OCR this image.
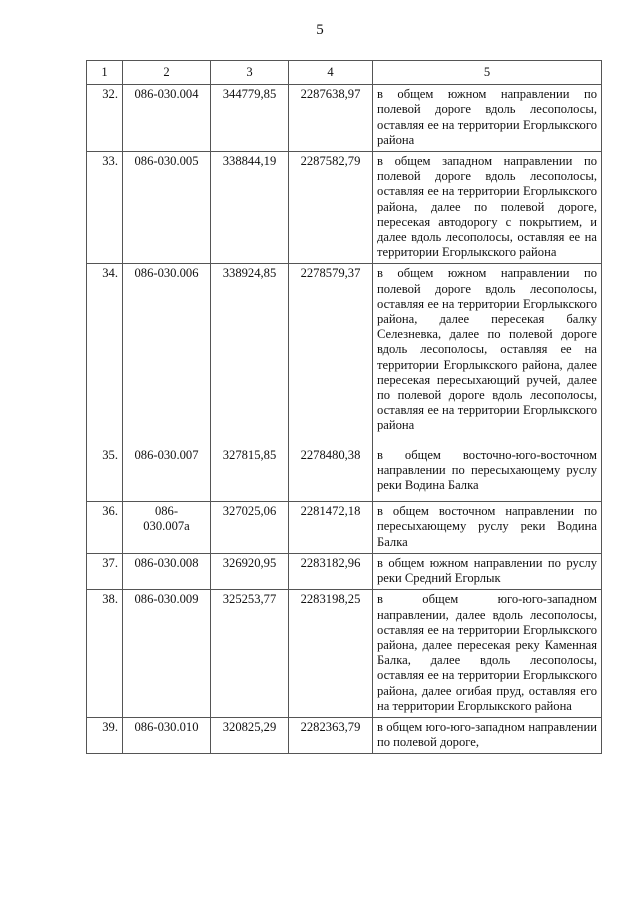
5
1	2	3	4	5
32.	086-030.004	344779,85	2287638,97	в общем южном направлении по полевой дороге вдоль лесополосы, оставляя ее на территории Егорлыкского района
33.	086-030.005	338844,19	2287582,79	в общем западном направлении по полевой дороге вдоль лесополосы, оставляя ее на территории Егорлыкского района, далее по полевой дороге, пересекая автодорогу с покрытием, и далее вдоль лесополосы, оставляя ее на территории Егорлыкского района
34.	086-030.006	338924,85	2278579,37	в общем южном направлении по полевой дороге вдоль лесополосы, оставляя ее на территории Егорлыкского района, далее пересекая балку Селезневка, далее по полевой дороге вдоль лесополосы, оставляя ее на территории Егорлыкского района, далее пересекая пересыхающий ручей, далее по полевой дороге вдоль лесополосы, оставляя ее на территории Егорлыкского района
35.	086-030.007	327815,85	2278480,38	в общем восточно-юго-восточном направлении по пересыхающему руслу реки Водина Балка
36.	086-030.007а	327025,06	2281472,18	в общем восточном направлении по пересыхающему руслу реки Водина Балка
37.	086-030.008	326920,95	2283182,96	в общем южном направлении по руслу реки Средний Егорлык
38.	086-030.009	325253,77	2283198,25	в общем юго-юго-западном направлении, далее вдоль лесополосы, оставляя ее на территории Егорлыкского района, далее пересекая реку Каменная Балка, далее вдоль лесополосы, оставляя ее на территории Егорлыкского района, далее огибая пруд, оставляя его на территории Егорлыкского района
39.	086-030.010	320825,29	2282363,79	в общем юго-юго-западном направлении по полевой дороге,
